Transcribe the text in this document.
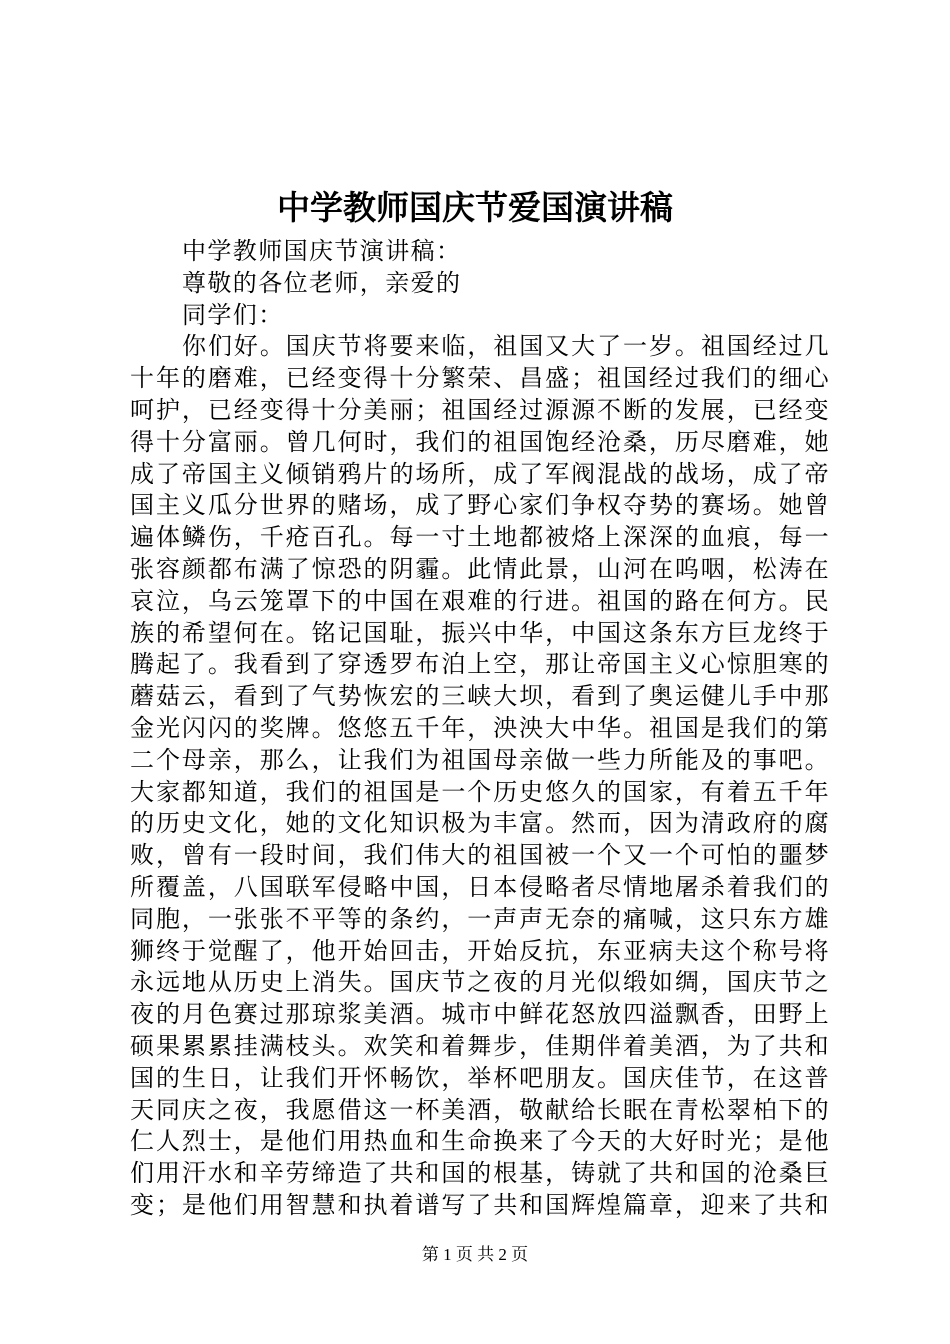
中学教师国庆节爱国演讲稿
中学教师国庆节演讲稿：
尊敬的各位老师，亲爱的
同学们：
你们好。国庆节将要来临，祖国又大了一岁。祖国经过几
十年的磨难，已经变得十分繁荣、昌盛；祖国经过我们的细心
呵护，已经变得十分美丽；祖国经过源源不断的发展，已经变
得十分富丽。曾几何时，我们的祖国饱经沧桑，历尽磨难，她
成了帝国主义倾销鸦片的场所，成了军阀混战的战场，成了帝
国主义瓜分世界的赌场，成了野心家们争权夺势的赛场。她曾
遍体鳞伤，千疮百孔。每一寸土地都被烙上深深的血痕，每一
张容颜都布满了惊恐的阴霾。此情此景，山河在呜咽，松涛在
哀泣，乌云笼罩下的中国在艰难的行进。祖国的路在何方。民
族的希望何在。铭记国耻，振兴中华，中国这条东方巨龙终于
腾起了。我看到了穿透罗布泊上空，那让帝国主义心惊胆寒的
蘑菇云，看到了气势恢宏的三峡大坝，看到了奥运健儿手中那
金光闪闪的奖牌。悠悠五千年，泱泱大中华。祖国是我们的第
二个母亲，那么，让我们为祖国母亲做一些力所能及的事吧。
大家都知道，我们的祖国是一个历史悠久的国家，有着五千年
的历史文化，她的文化知识极为丰富。然而，因为清政府的腐
败，曾有一段时间，我们伟大的祖国被一个又一个可怕的噩梦
所覆盖，八国联军侵略中国，日本侵略者尽情地屠杀着我们的
同胞，一张张不平等的条约，一声声无奈的痛喊，这只东方雄
狮终于觉醒了，他开始回击，开始反抗，东亚病夫这个称号将
永远地从历史上消失。国庆节之夜的月光似缎如绸，国庆节之
夜的月色赛过那琼浆美酒。城市中鲜花怒放四溢飘香，田野上
硕果累累挂满枝头。欢笑和着舞步，佳期伴着美酒，为了共和
国的生日，让我们开怀畅饮，举杯吧朋友。国庆佳节，在这普
天同庆之夜，我愿借这一杯美酒，敬献给长眠在青松翠柏下的
仁人烈士，是他们用热血和生命换来了今天的大好时光；是他
们用汗水和辛劳缔造了共和国的根基，铸就了共和国的沧桑巨
变；是他们用智慧和执着谱写了共和国辉煌篇章，迎来了共和
第 1 页 共 2 页
